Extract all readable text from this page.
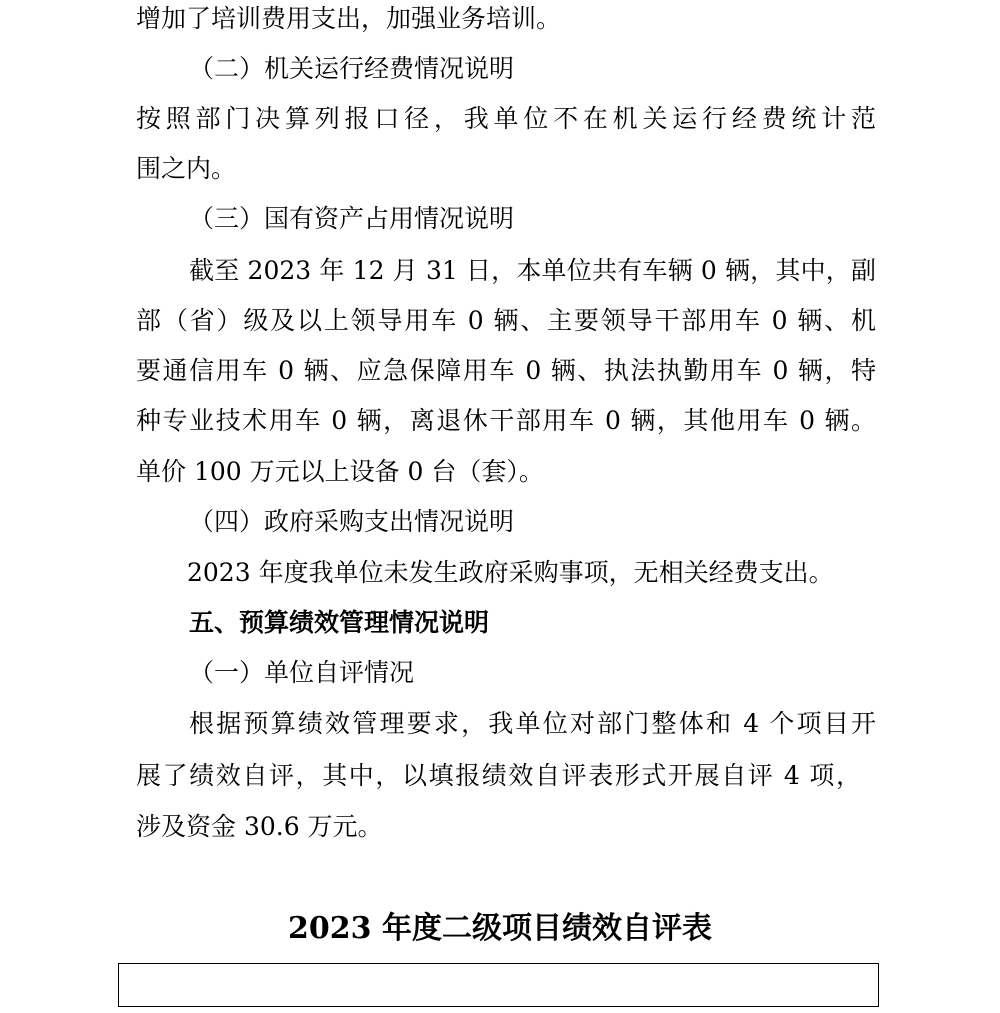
增加了培训费用支出，加强业务培训。

（二）机关运行经费情况说明

按照部门决算列报口径，我单位不在机关运行经费统计范

围之内。

（三）国有资产占用情况说明

截至 2023 年 12 月 31 日，本单位共有车辆 0 辆，其中，副

部（省）级及以上领导用车 0 辆、主要领导干部用车 0 辆、机

要通信用车 0 辆、应急保障用车 0 辆、执法执勤用车 0 辆，特

种专业技术用车 0 辆，离退休干部用车 0 辆，其他用车 0 辆。

单价 100 万元以上设备 0 台（套）。

（四）政府采购支出情况说明

2023 年度我单位未发生政府采购事项，无相关经费支出。

五、预算绩效管理情况说明

（一）单位自评情况

根据预算绩效管理要求，我单位对部门整体和 4 个项目开

展了绩效自评，其中，以填报绩效自评表形式开展自评 4 项，

涉及资金 30.6 万元。

2023 年度二级项目绩效自评表
